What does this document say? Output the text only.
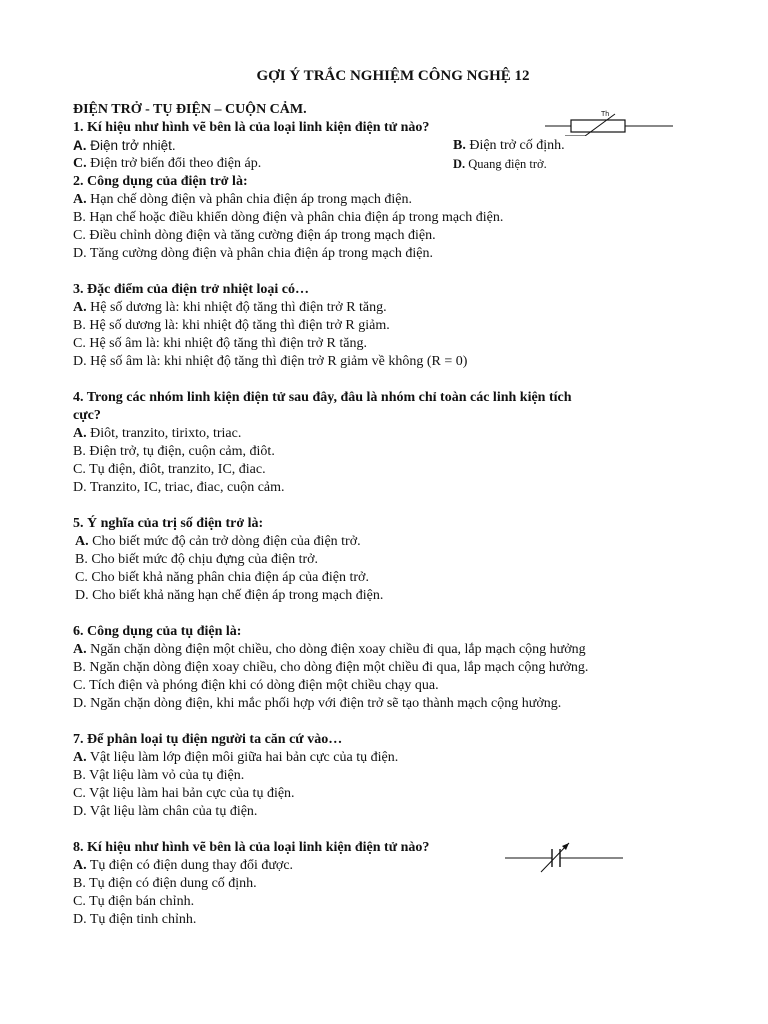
GỢI Ý TRẮC NGHIỆM CÔNG NGHỆ 12
ĐIỆN TRỞ - TỤ ĐIỆN – CUỘN CẢM.	Th
1. Kí hiệu như hình vẽ bên là của loại linh kiện điện tử nào?
A. Điện trở nhiệt.	B. Điện trở cố định.
C. Điện trở biến đổi theo điện áp.	D. Quang điện trở.
2. Công dụng của điện trở là:
A. Hạn chế dòng điện và phân chia điện áp trong mạch điện.
B. Hạn chế hoặc điều khiển dòng điện và phân chia điện áp trong mạch điện.
C. Điều chỉnh dòng điện và tăng cường điện áp trong mạch điện.
D. Tăng cường dòng điện và phân chia điện áp trong mạch điện.
3. Đặc điểm của điện trở nhiệt loại có…
A. Hệ số dương là: khi nhiệt độ tăng thì điện trở R tăng.
B. Hệ số dương là: khi nhiệt độ tăng thì điện trở R giảm.
C. Hệ số âm là: khi nhiệt độ tăng thì điện trở R tăng.
D. Hệ số âm là: khi nhiệt độ tăng thì điện trở R giảm về không (R = 0)
4. Trong các nhóm linh kiện điện tử sau đây, đâu là nhóm chỉ toàn các linh kiện tích
cực?
A. Điôt, tranzito, tirixto, triac.
B. Điện trở, tụ điện, cuộn cảm, điôt.
C. Tụ điện, điôt, tranzito, IC, điac.
D. Tranzito, IC, triac, điac, cuộn cảm.
5. Ý nghĩa của trị số điện trở là:
A. Cho biết mức độ cản trở dòng điện của điện trở.
B. Cho biết mức độ chịu đựng của điện trở.
C. Cho biết khả năng phân chia điện áp của điện trở.
D. Cho biết khả năng hạn chế điện áp trong mạch điện.
6. Công dụng của tụ điện là:
A. Ngăn chặn dòng điện một chiều, cho dòng điện xoay chiều đi qua, lắp mạch cộng hưởng
B. Ngăn chặn dòng điện xoay chiều, cho dòng điện một chiều đi qua, lắp mạch cộng hưởng.
C. Tích điện và phóng điện khi có dòng điện một chiều chạy qua.
D. Ngăn chặn dòng điện, khi mắc phối hợp với điện trở sẽ tạo thành mạch cộng hưởng.
7. Để phân loại tụ điện người ta căn cứ vào…
A. Vật liệu làm lớp điện môi giữa hai bản cực của tụ điện.
B. Vật liệu làm vỏ của tụ điện.
C. Vật liệu làm hai bản cực của tụ điện.
D. Vật liệu làm chân của tụ điện.
8. Kí hiệu như hình vẽ bên là của loại linh kiện điện tử nào?
A. Tụ điện có điện dung thay đổi được.
B. Tụ điện có điện dung cố định.
C. Tụ điện bán chỉnh.
D. Tụ điện tinh chỉnh.
